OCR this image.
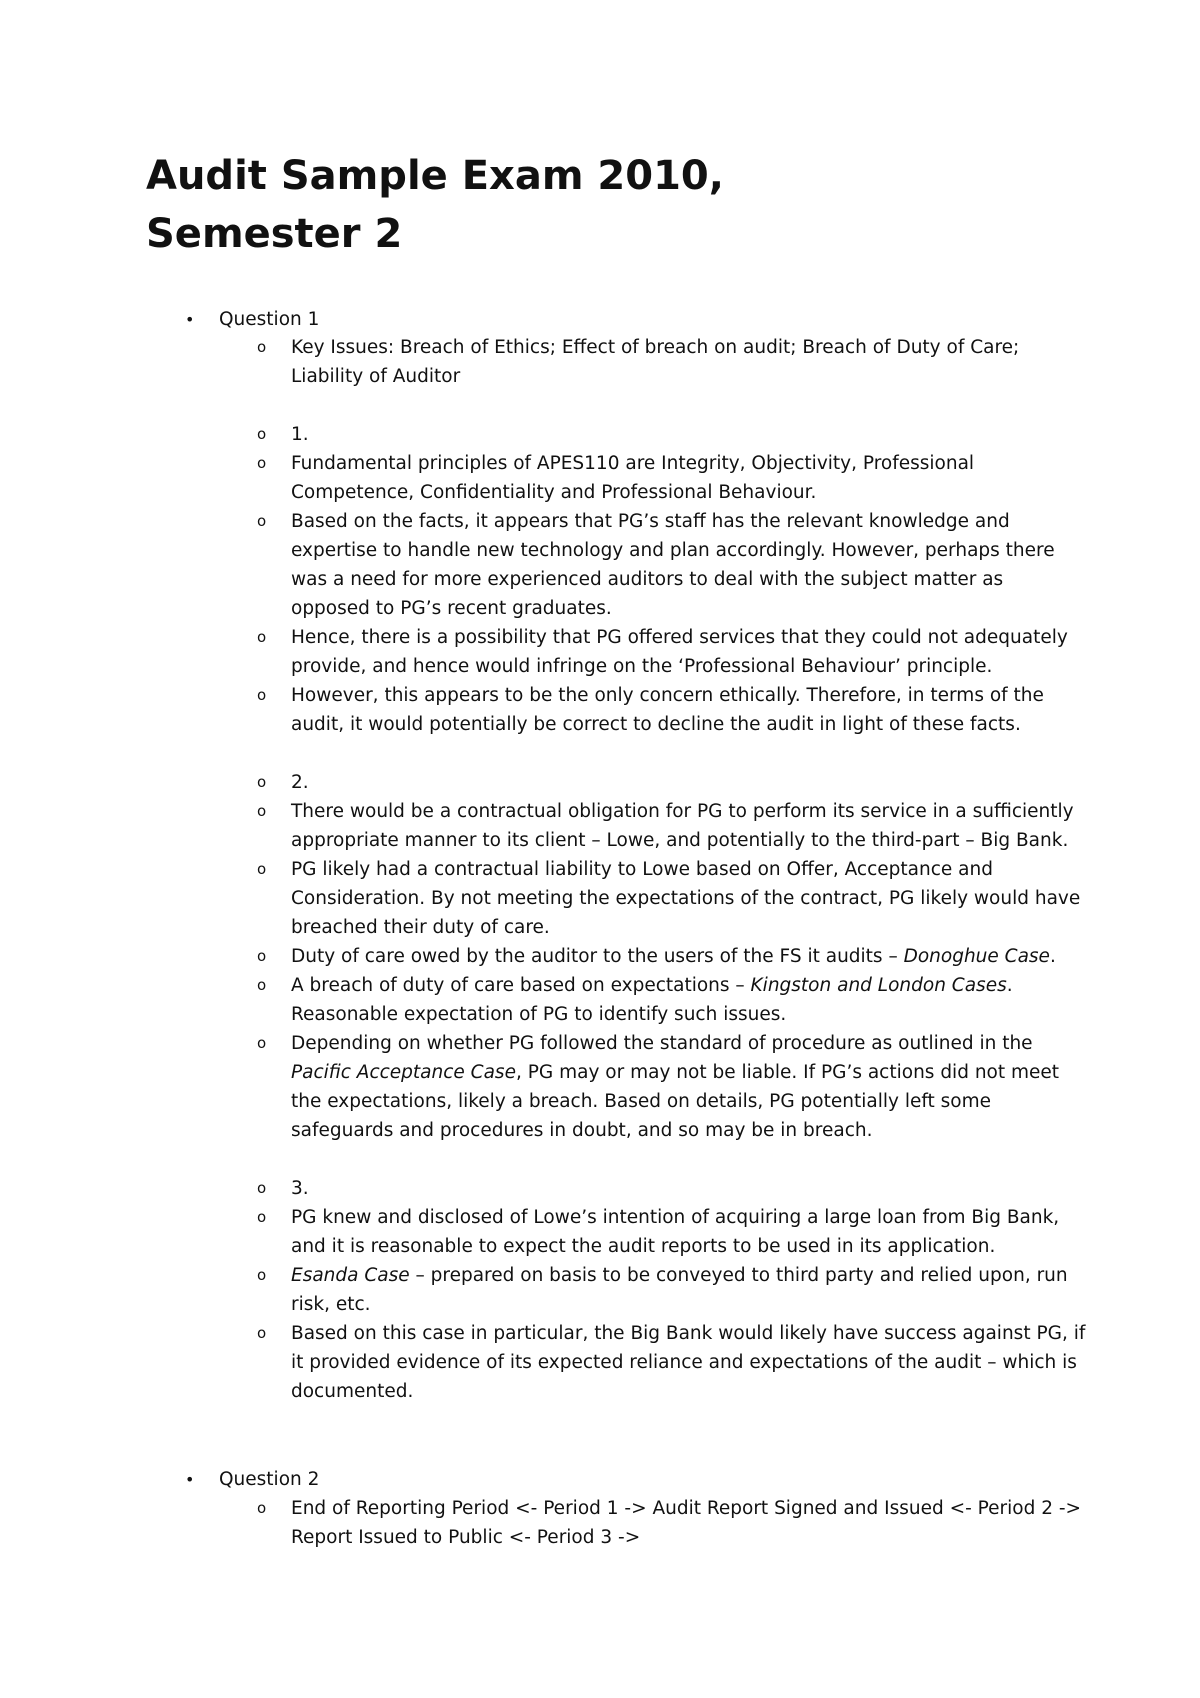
Audit Sample Exam 2010,
Semester 2
• Question 1
o Key Issues: Breach of Ethics; Effect of breach on audit; Breach of Duty of Care;
Liability of Auditor
o 1.
o Fundamental principles of APES110 are Integrity, Objectivity, Professional
Competence, Confidentiality and Professional Behaviour.
o Based on the facts, it appears that PG’s staff has the relevant knowledge and
expertise to handle new technology and plan accordingly. However, perhaps there
was a need for more experienced auditors to deal with the subject matter as
opposed to PG’s recent graduates.
o Hence, there is a possibility that PG offered services that they could not adequately
provide, and hence would infringe on the ‘Professional Behaviour’ principle.
o However, this appears to be the only concern ethically. Therefore, in terms of the
audit, it would potentially be correct to decline the audit in light of these facts.
o 2.
o There would be a contractual obligation for PG to perform its service in a sufficiently
appropriate manner to its client – Lowe, and potentially to the third-part – Big Bank.
o PG likely had a contractual liability to Lowe based on Offer, Acceptance and
Consideration. By not meeting the expectations of the contract, PG likely would have
breached their duty of care.
o Duty of care owed by the auditor to the users of the FS it audits – Donoghue Case.
o A breach of duty of care based on expectations – Kingston and London Cases.
Reasonable expectation of PG to identify such issues.
o Depending on whether PG followed the standard of procedure as outlined in the
Pacific Acceptance Case, PG may or may not be liable. If PG’s actions did not meet
the expectations, likely a breach. Based on details, PG potentially left some
safeguards and procedures in doubt, and so may be in breach.
o 3.
o PG knew and disclosed of Lowe’s intention of acquiring a large loan from Big Bank,
and it is reasonable to expect the audit reports to be used in its application.
o Esanda Case – prepared on basis to be conveyed to third party and relied upon, run
risk, etc.
o Based on this case in particular, the Big Bank would likely have success against PG, if
it provided evidence of its expected reliance and expectations of the audit – which is
documented.
• Question 2
o End of Reporting Period <- Period 1 -> Audit Report Signed and Issued <- Period 2 ->
Report Issued to Public <- Period 3 ->
